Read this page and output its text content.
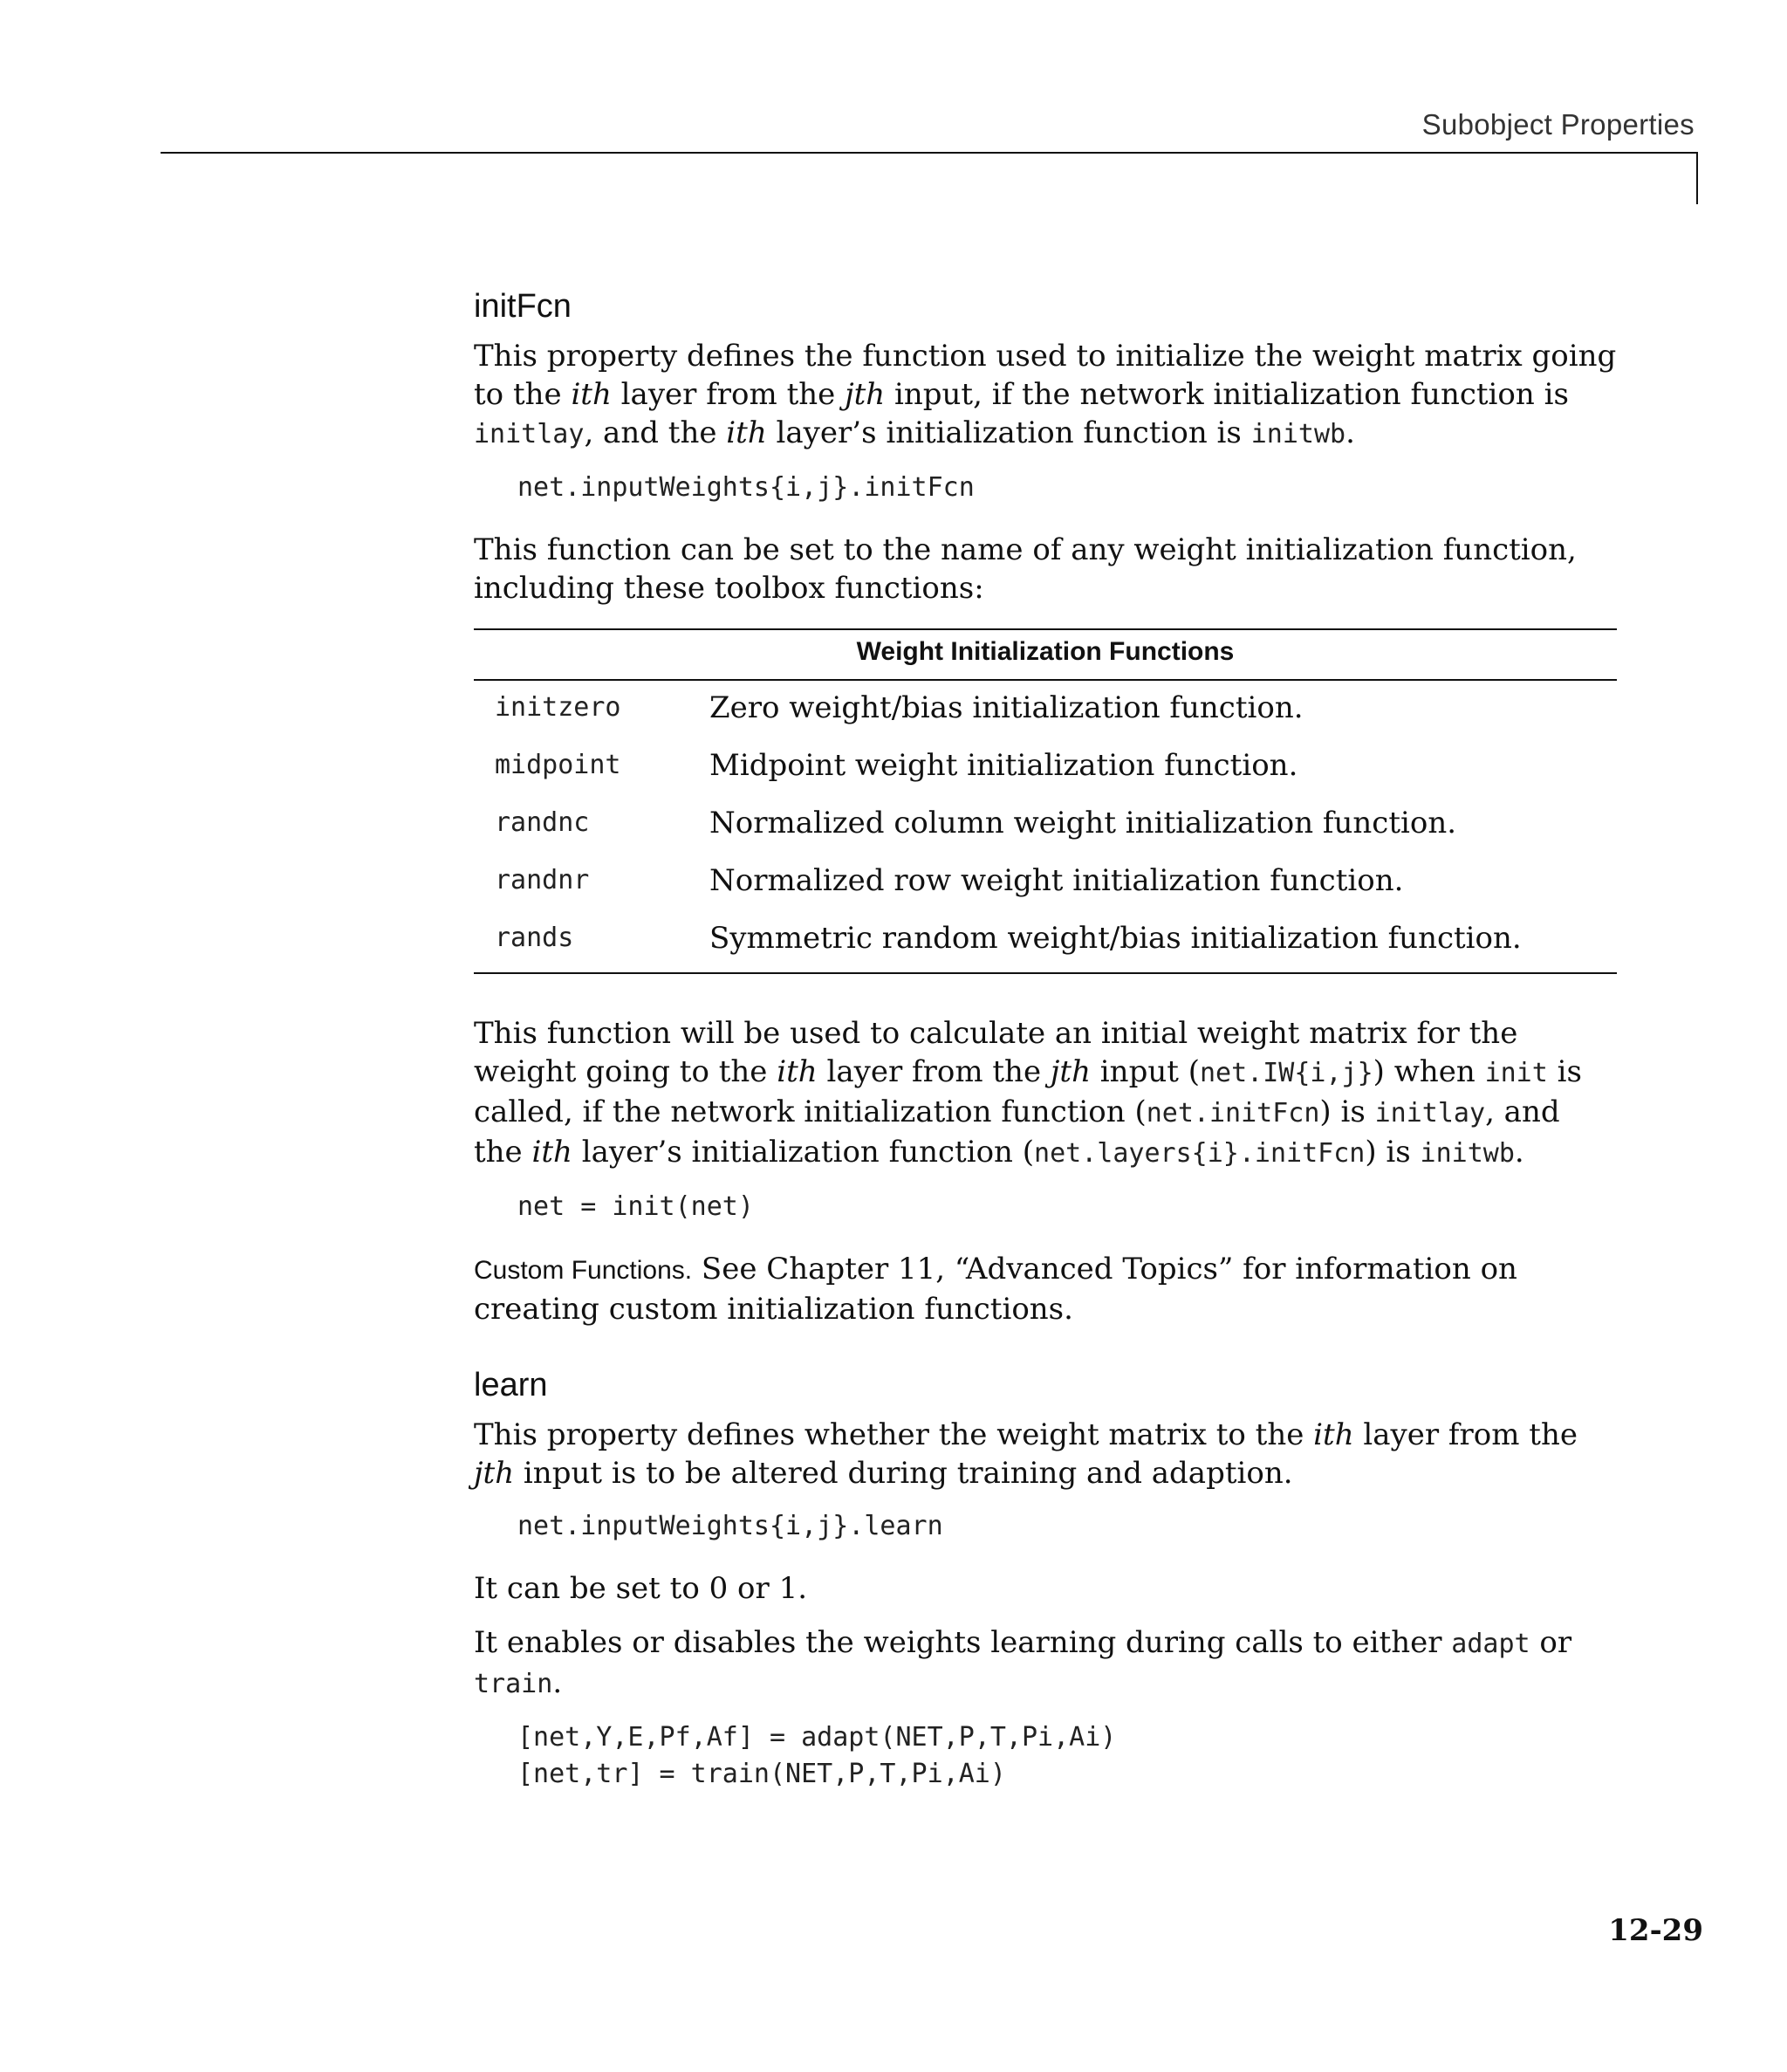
Subobject Properties
initFcn

This property defines the function used to initialize the weight matrix going to the ith layer from the jth input, if the network initialization function is initlay, and the ith layer’s initialization function is initwb.

net.inputWeights{i,j}.initFcn

This function can be set to the name of any weight initialization function, including these toolbox functions:

Weight Initialization Functions	
initzero	Zero weight/bias initialization function.
midpoint	Midpoint weight initialization function.
randnc	Normalized column weight initialization function.
randnr	Normalized row weight initialization function.
rands	Symmetric random weight/bias initialization function.

This function will be used to calculate an initial weight matrix for the weight going to the ith layer from the jth input (net.IW{i,j}) when init is called, if the network initialization function (net.initFcn) is initlay, and the ith layer’s initialization function (net.layers{i}.initFcn) is initwb.

net = init(net)

Custom Functions. See Chapter 11, “Advanced Topics” for information on creating custom initialization functions.

learn

This property defines whether the weight matrix to the ith layer from the jth input is to be altered during training and adaption.

net.inputWeights{i,j}.learn

It can be set to 0 or 1.

It enables or disables the weights learning during calls to either adapt or train.

[net,Y,E,Pf,Af] = adapt(NET,P,T,Pi,Ai)
[net,tr] = train(NET,P,T,Pi,Ai)
12-29
